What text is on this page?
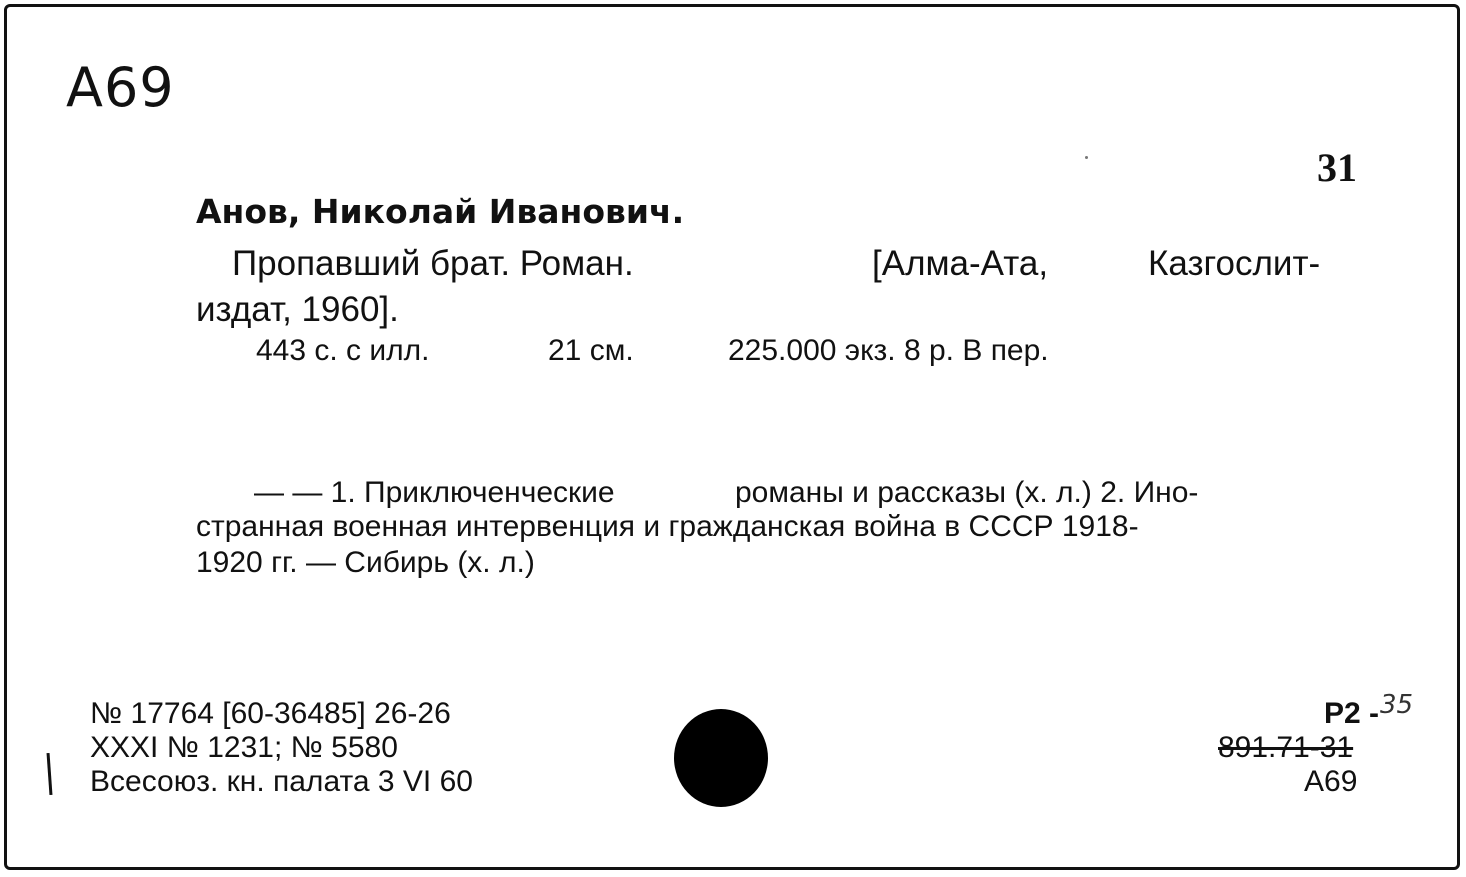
A69
31
Анов, Николай Иванович.
Пропавший брат. Роман.	[Алма-Ата,	Казгослит-
издат, 1960].
443 с. с илл.	21 см.	225.000 экз. 8 р. В пер.
— — 1. Приключенческие	романы и рассказы (х. л.) 2. Ино-
странная военная интервенция и гражданская война в СССР 1918-
1920 гг. — Сибирь (х. л.)
№ 17764 [60-36485] 26-26
XXXI № 1231; № 5580
Всесоюз. кн. палата 3 VI 60
Р2 - 35
891.71-31
А69
